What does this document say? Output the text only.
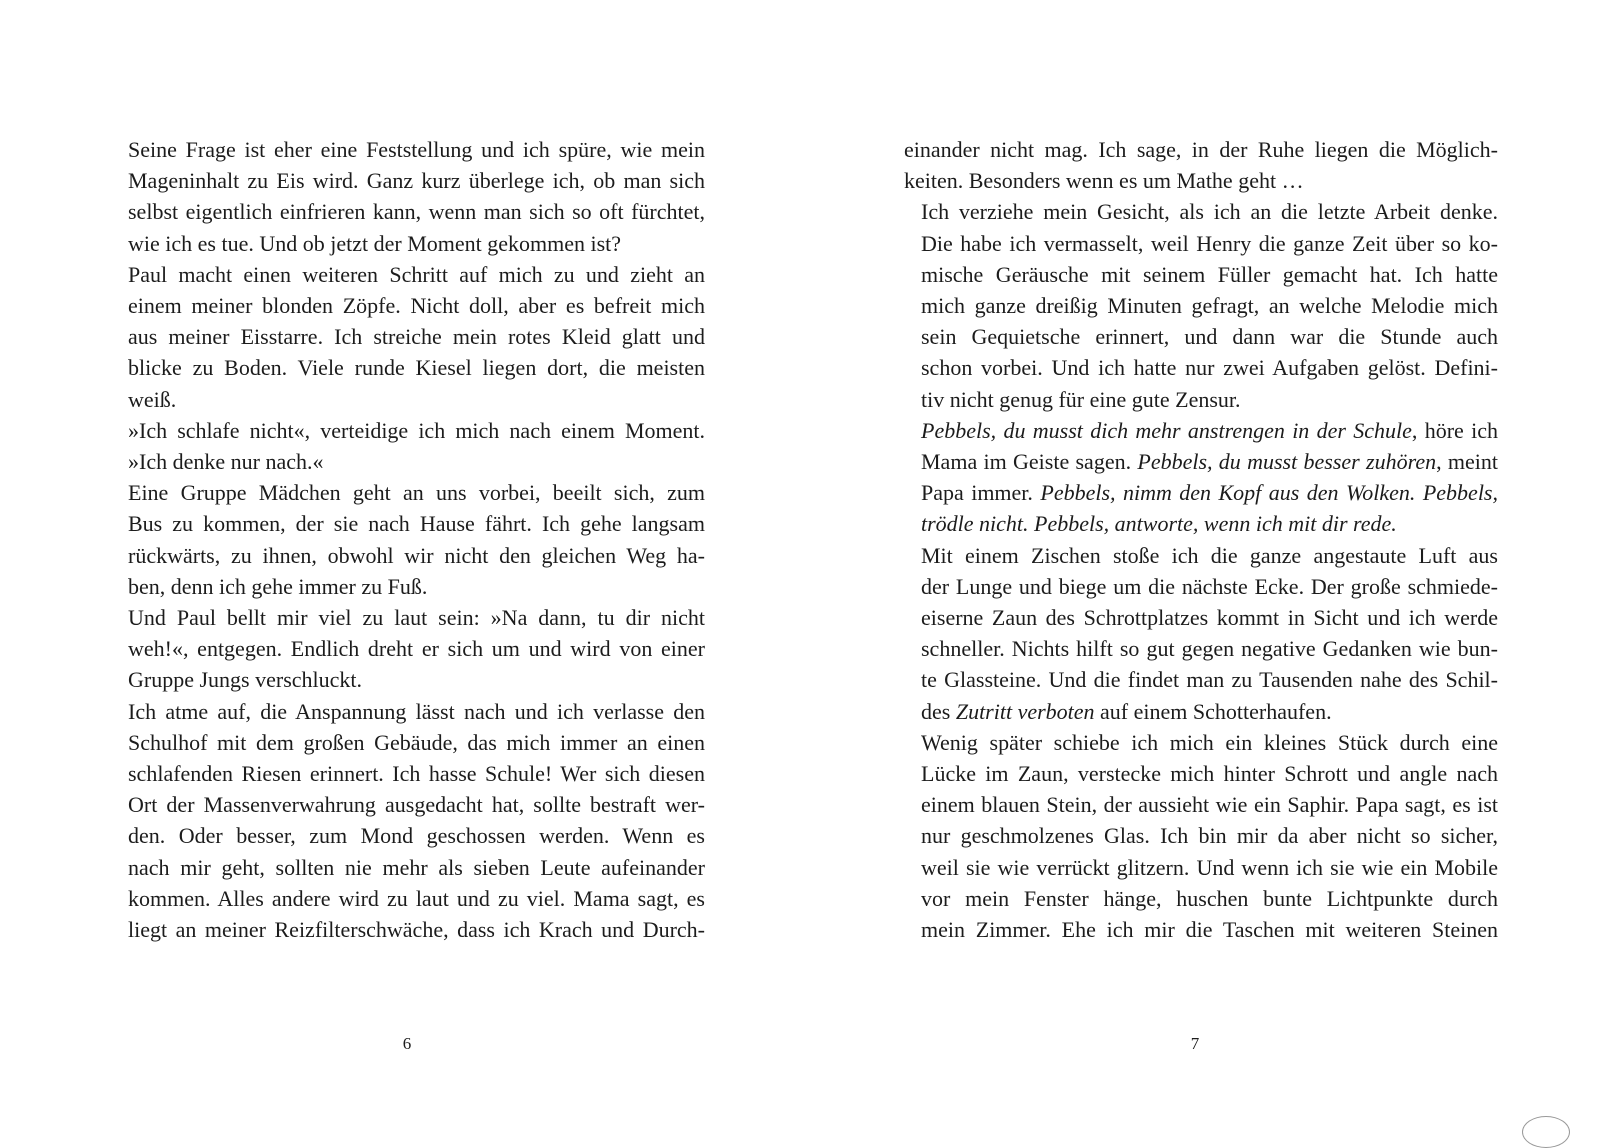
Seine Frage ist eher eine Feststellung und ich spüre, wie mein
Mageninhalt zu Eis wird. Ganz kurz überlege ich, ob man sich
selbst eigentlich einfrieren kann, wenn man sich so oft fürchtet,
wie ich es tue. Und ob jetzt der Moment gekommen ist?

Paul macht einen weiteren Schritt auf mich zu und zieht an
einem meiner blonden Zöpfe. Nicht doll, aber es befreit mich
aus meiner Eisstarre. Ich streiche mein rotes Kleid glatt und
blicke zu Boden. Viele runde Kiesel liegen dort, die meisten
weiß.

»Ich schlafe nicht«, verteidige ich mich nach einem Moment.
»Ich denke nur nach.«

Eine Gruppe Mädchen geht an uns vorbei, beeilt sich, zum
Bus zu kommen, der sie nach Hause fährt. Ich gehe langsam
rückwärts, zu ihnen, obwohl wir nicht den gleichen Weg ha-
ben, denn ich gehe immer zu Fuß.

Und Paul bellt mir viel zu laut sein: »Na dann, tu dir nicht
weh!«, entgegen. Endlich dreht er sich um und wird von einer
Gruppe Jungs verschluckt.

Ich atme auf, die Anspannung lässt nach und ich verlasse den
Schulhof mit dem großen Gebäude, das mich immer an einen
schlafenden Riesen erinnert. Ich hasse Schule! Wer sich diesen
Ort der Massenverwahrung ausgedacht hat, sollte bestraft wer-
den. Oder besser, zum Mond geschossen werden. Wenn es
nach mir geht, sollten nie mehr als sieben Leute aufeinander
kommen. Alles andere wird zu laut und zu viel. Mama sagt, es
liegt an meiner Reizfilterschwäche, dass ich Krach und Durch-

6

einander nicht mag. Ich sage, in der Ruhe liegen die Möglich-
keiten. Besonders wenn es um Mathe geht …

Ich verziehe mein Gesicht, als ich an die letzte Arbeit denke.
Die habe ich vermasselt, weil Henry die ganze Zeit über so ko-
mische Geräusche mit seinem Füller gemacht hat. Ich hatte
mich ganze dreißig Minuten gefragt, an welche Melodie mich
sein Gequietsche erinnert, und dann war die Stunde auch
schon vorbei. Und ich hatte nur zwei Aufgaben gelöst. Defini-
tiv nicht genug für eine gute Zensur.

Pebbels, du musst dich mehr anstrengen in der Schule, höre ich
Mama im Geiste sagen. Pebbels, du musst besser zuhören, meint
Papa immer. Pebbels, nimm den Kopf aus den Wolken. Pebbels,
trödle nicht. Pebbels, antworte, wenn ich mit dir rede.

Mit einem Zischen stoße ich die ganze angestaute Luft aus
der Lunge und biege um die nächste Ecke. Der große schmiede-
eiserne Zaun des Schrottplatzes kommt in Sicht und ich werde
schneller. Nichts hilft so gut gegen negative Gedanken wie bun-
te Glassteine. Und die findet man zu Tausenden nahe des Schil-
des Zutritt verboten auf einem Schotterhaufen.

Wenig später schiebe ich mich ein kleines Stück durch eine
Lücke im Zaun, verstecke mich hinter Schrott und angle nach
einem blauen Stein, der aussieht wie ein Saphir. Papa sagt, es ist
nur geschmolzenes Glas. Ich bin mir da aber nicht so sicher,
weil sie wie verrückt glitzern. Und wenn ich sie wie ein Mobile
vor mein Fenster hänge, huschen bunte Lichtpunkte durch
mein Zimmer. Ehe ich mir die Taschen mit weiteren Steinen

7
